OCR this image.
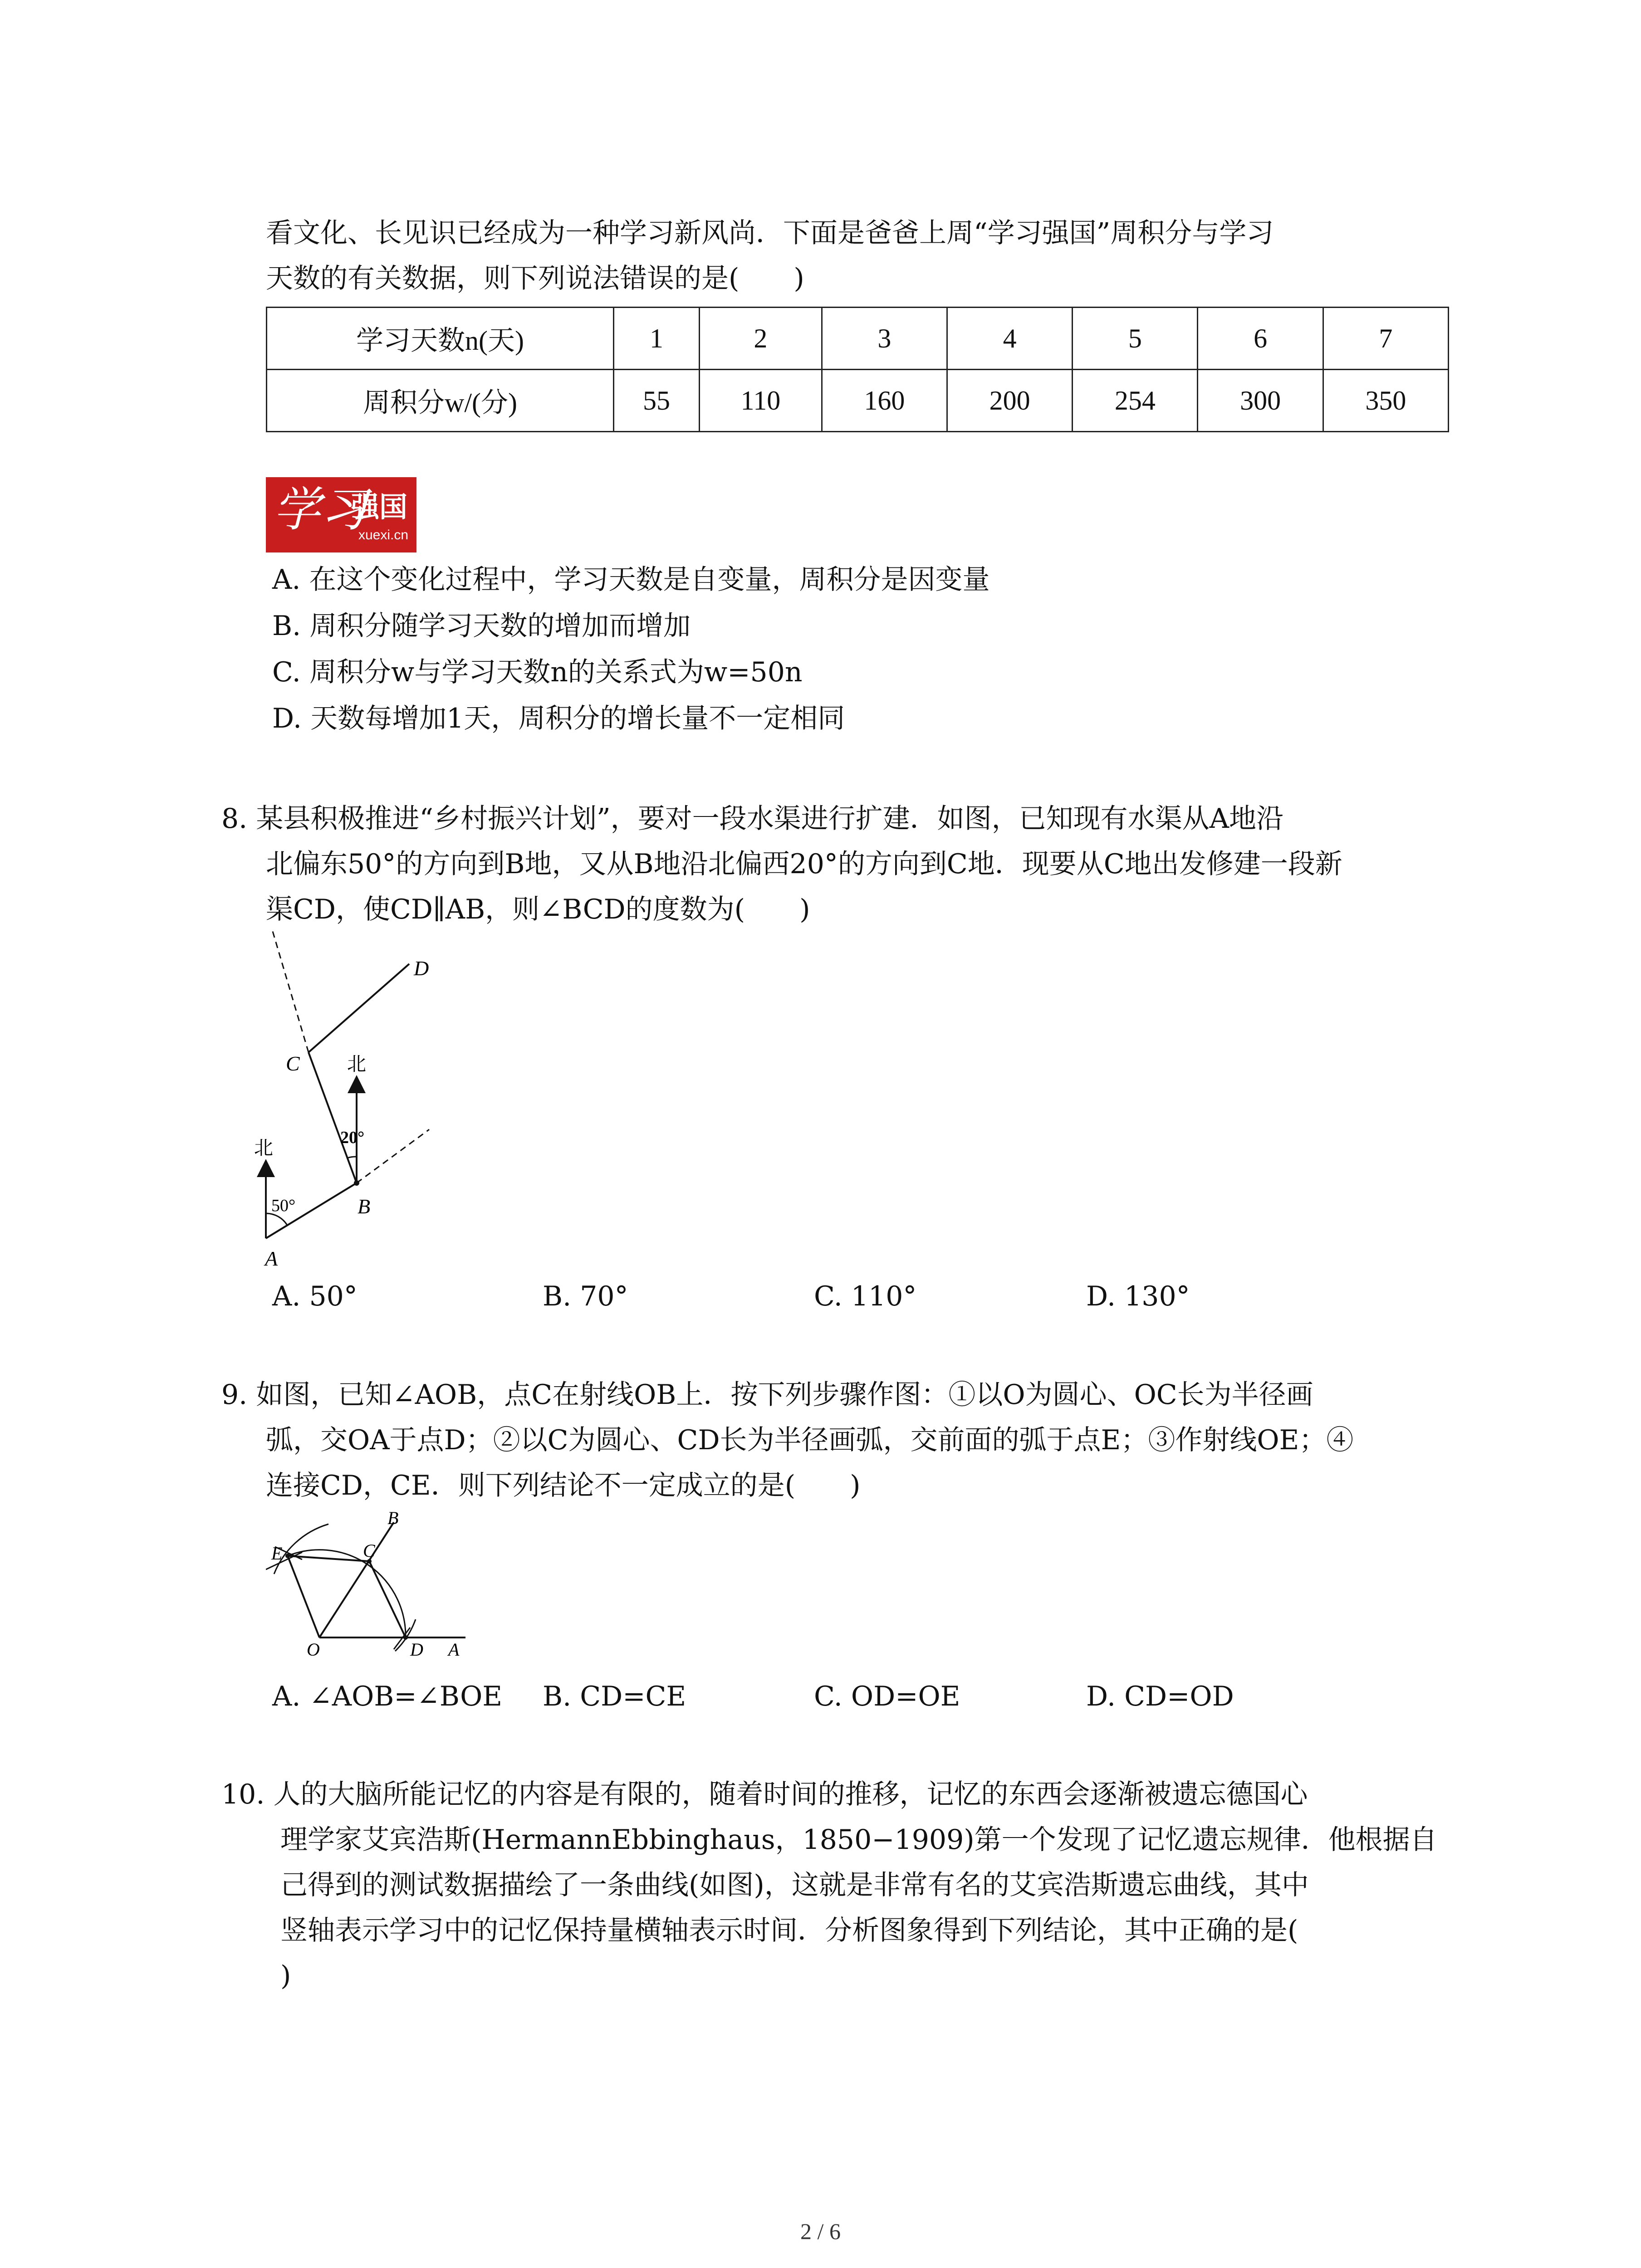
看文化、长见识已经成为一种学习新风尚．下面是爸爸上周“学习强国”周积分与学习
天数的有关数据，则下列说法错误的是(　　)
学习天数n(天)	1	2	3	4	5	6	7
周积分w/(分)	55	110	160	200	254	300	350
学习
强国
xuexi.cn
A. 在这个变化过程中，学习天数是自变量，周积分是因变量
B. 周积分随学习天数的增加而增加
C. 周积分w与学习天数n的关系式为w=50n
D. 天数每增加1天，周积分的增长量不一定相同
8. 某县积极推进“乡村振兴计划”，要对一段水渠进行扩建．如图，已知现有水渠从A地沿
北偏东50°的方向到B地，又从B地沿北偏西20°的方向到C地．现要从C地出发修建一段新
渠CD，使CD∥AB，则∠BCD的度数为(　　)
D
C 北
20°
北
50°	B
A
A. 50°	B. 70°	C. 110°	D. 130°
9. 如图，已知∠AOB，点C在射线OB上．按下列步骤作图：①以O为圆心、OC长为半径画
弧，交OA于点D；②以C为圆心、CD长为半径画弧，交前面的弧于点E；③作射线OE；④
连接CD，CE．则下列结论不一定成立的是(　　)
B
E	C
O	D A
A. ∠AOB=∠BOE B. CD=CE	C. OD=OE	D. CD=OD
10. 人的大脑所能记忆的内容是有限的，随着时间的推移，记忆的东西会逐渐被遗忘德国心
理学家艾宾浩斯(HermannEbbinghaus，1850−1909)第一个发现了记忆遗忘规律．他根据自
己得到的测试数据描绘了一条曲线(如图)，这就是非常有名的艾宾浩斯遗忘曲线，其中
竖轴表示学习中的记忆保持量横轴表示时间．分析图象得到下列结论，其中正确的是(
)
2 / 6
